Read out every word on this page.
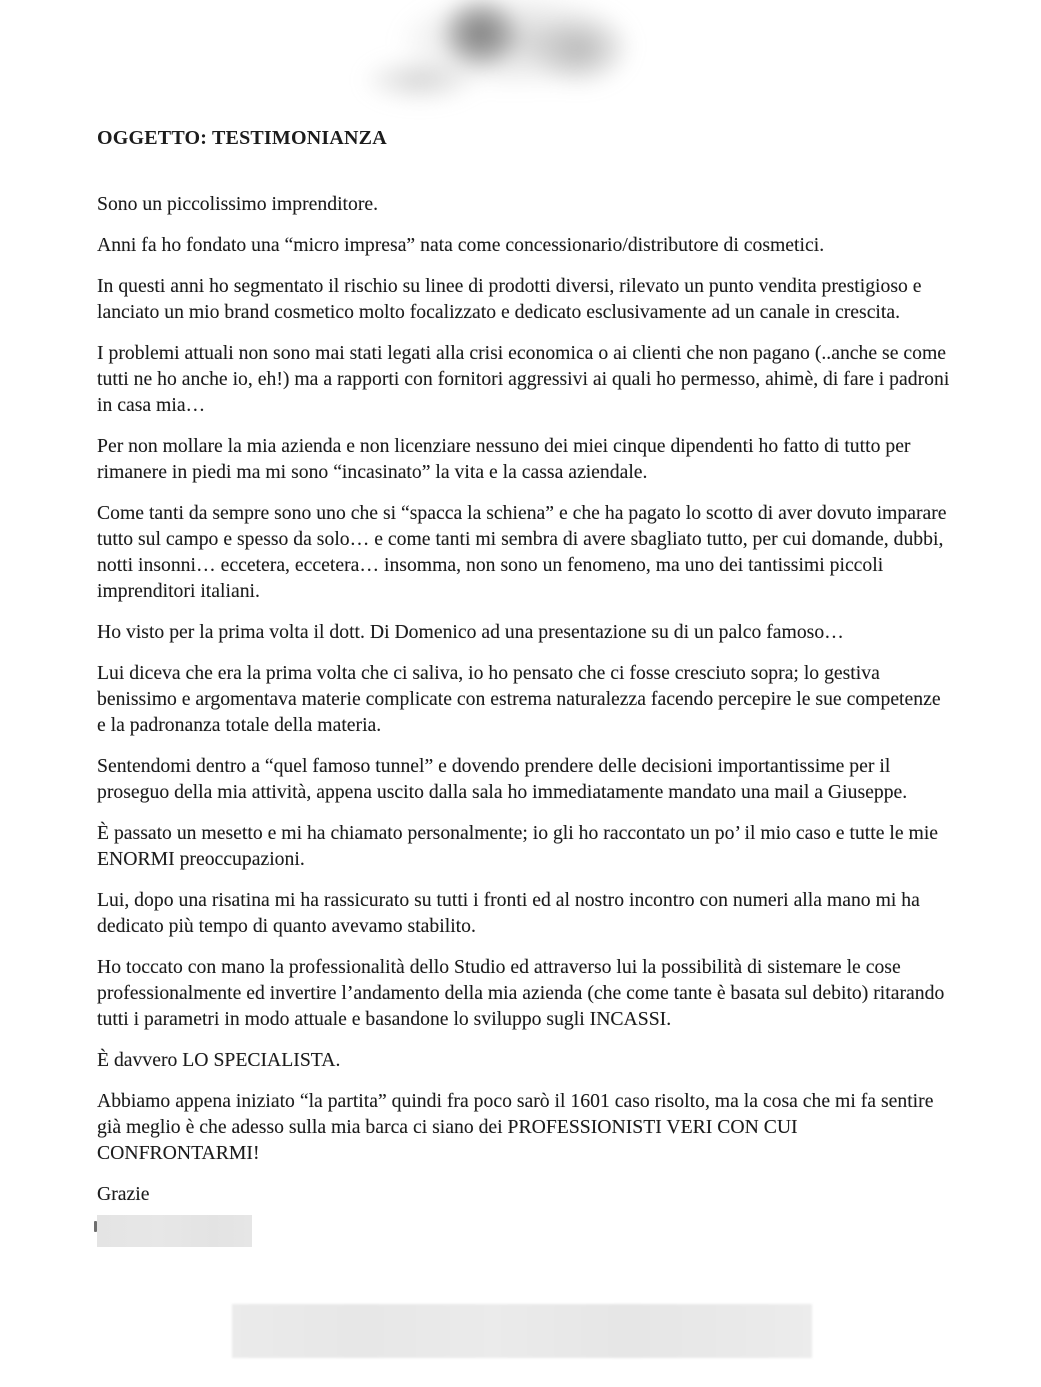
OGGETTO: TESTIMONIANZA

Sono un piccolissimo imprenditore.

Anni fa ho fondato una “micro impresa” nata come concessionario/distributore di cosmetici.

In questi anni ho segmentato il rischio su linee di prodotti diversi, rilevato un punto vendita prestigioso e lanciato un mio brand cosmetico molto focalizzato e dedicato esclusivamente ad un canale in crescita.

I problemi attuali non sono mai stati legati alla crisi economica o ai clienti che non pagano (..anche se come tutti ne ho anche io, eh!) ma a rapporti con fornitori aggressivi ai quali ho permesso, ahimè, di fare i padroni in casa mia…

Per non mollare la mia azienda e non licenziare nessuno dei miei cinque dipendenti ho fatto di tutto per rimanere in piedi ma mi sono “incasinato” la vita e la cassa aziendale.

Come tanti da sempre sono uno che si “spacca la schiena” e che ha pagato lo scotto di aver dovuto imparare tutto sul campo e spesso da solo… e come tanti mi sembra di avere sbagliato tutto, per cui domande, dubbi, notti insonni… eccetera, eccetera… insomma, non sono un fenomeno, ma uno dei tantissimi piccoli imprenditori italiani.

Ho visto per la prima volta il dott. Di Domenico ad una presentazione su di un palco famoso…

Lui diceva che era la prima volta che ci saliva, io ho pensato che ci fosse cresciuto sopra; lo gestiva benissimo e argomentava materie complicate con estrema naturalezza facendo percepire le sue competenze e la padronanza totale della materia.

Sentendomi dentro a “quel famoso tunnel” e dovendo prendere delle decisioni importantissime per il proseguo della mia attività, appena uscito dalla sala ho immediatamente mandato una mail a Giuseppe.

È passato un mesetto e mi ha chiamato personalmente; io gli ho raccontato un po’ il mio caso e tutte le mie ENORMI preoccupazioni.

Lui, dopo una risatina mi ha rassicurato su tutti i fronti ed al nostro incontro con numeri alla mano mi ha dedicato più tempo di quanto avevamo stabilito.

Ho toccato con mano la professionalità dello Studio ed attraverso lui la possibilità di sistemare le cose professionalmente ed invertire l’andamento della mia azienda (che come tante è basata sul debito) ritarando tutti i parametri in modo attuale e basandone lo sviluppo sugli INCASSI.

È davvero LO SPECIALISTA.

Abbiamo appena iniziato “la partita” quindi fra poco sarò il 1601 caso risolto, ma la cosa che mi fa sentire già meglio è che adesso sulla mia barca ci siano dei PROFESSIONISTI VERI CON CUI CONFRONTARMI!

Grazie
